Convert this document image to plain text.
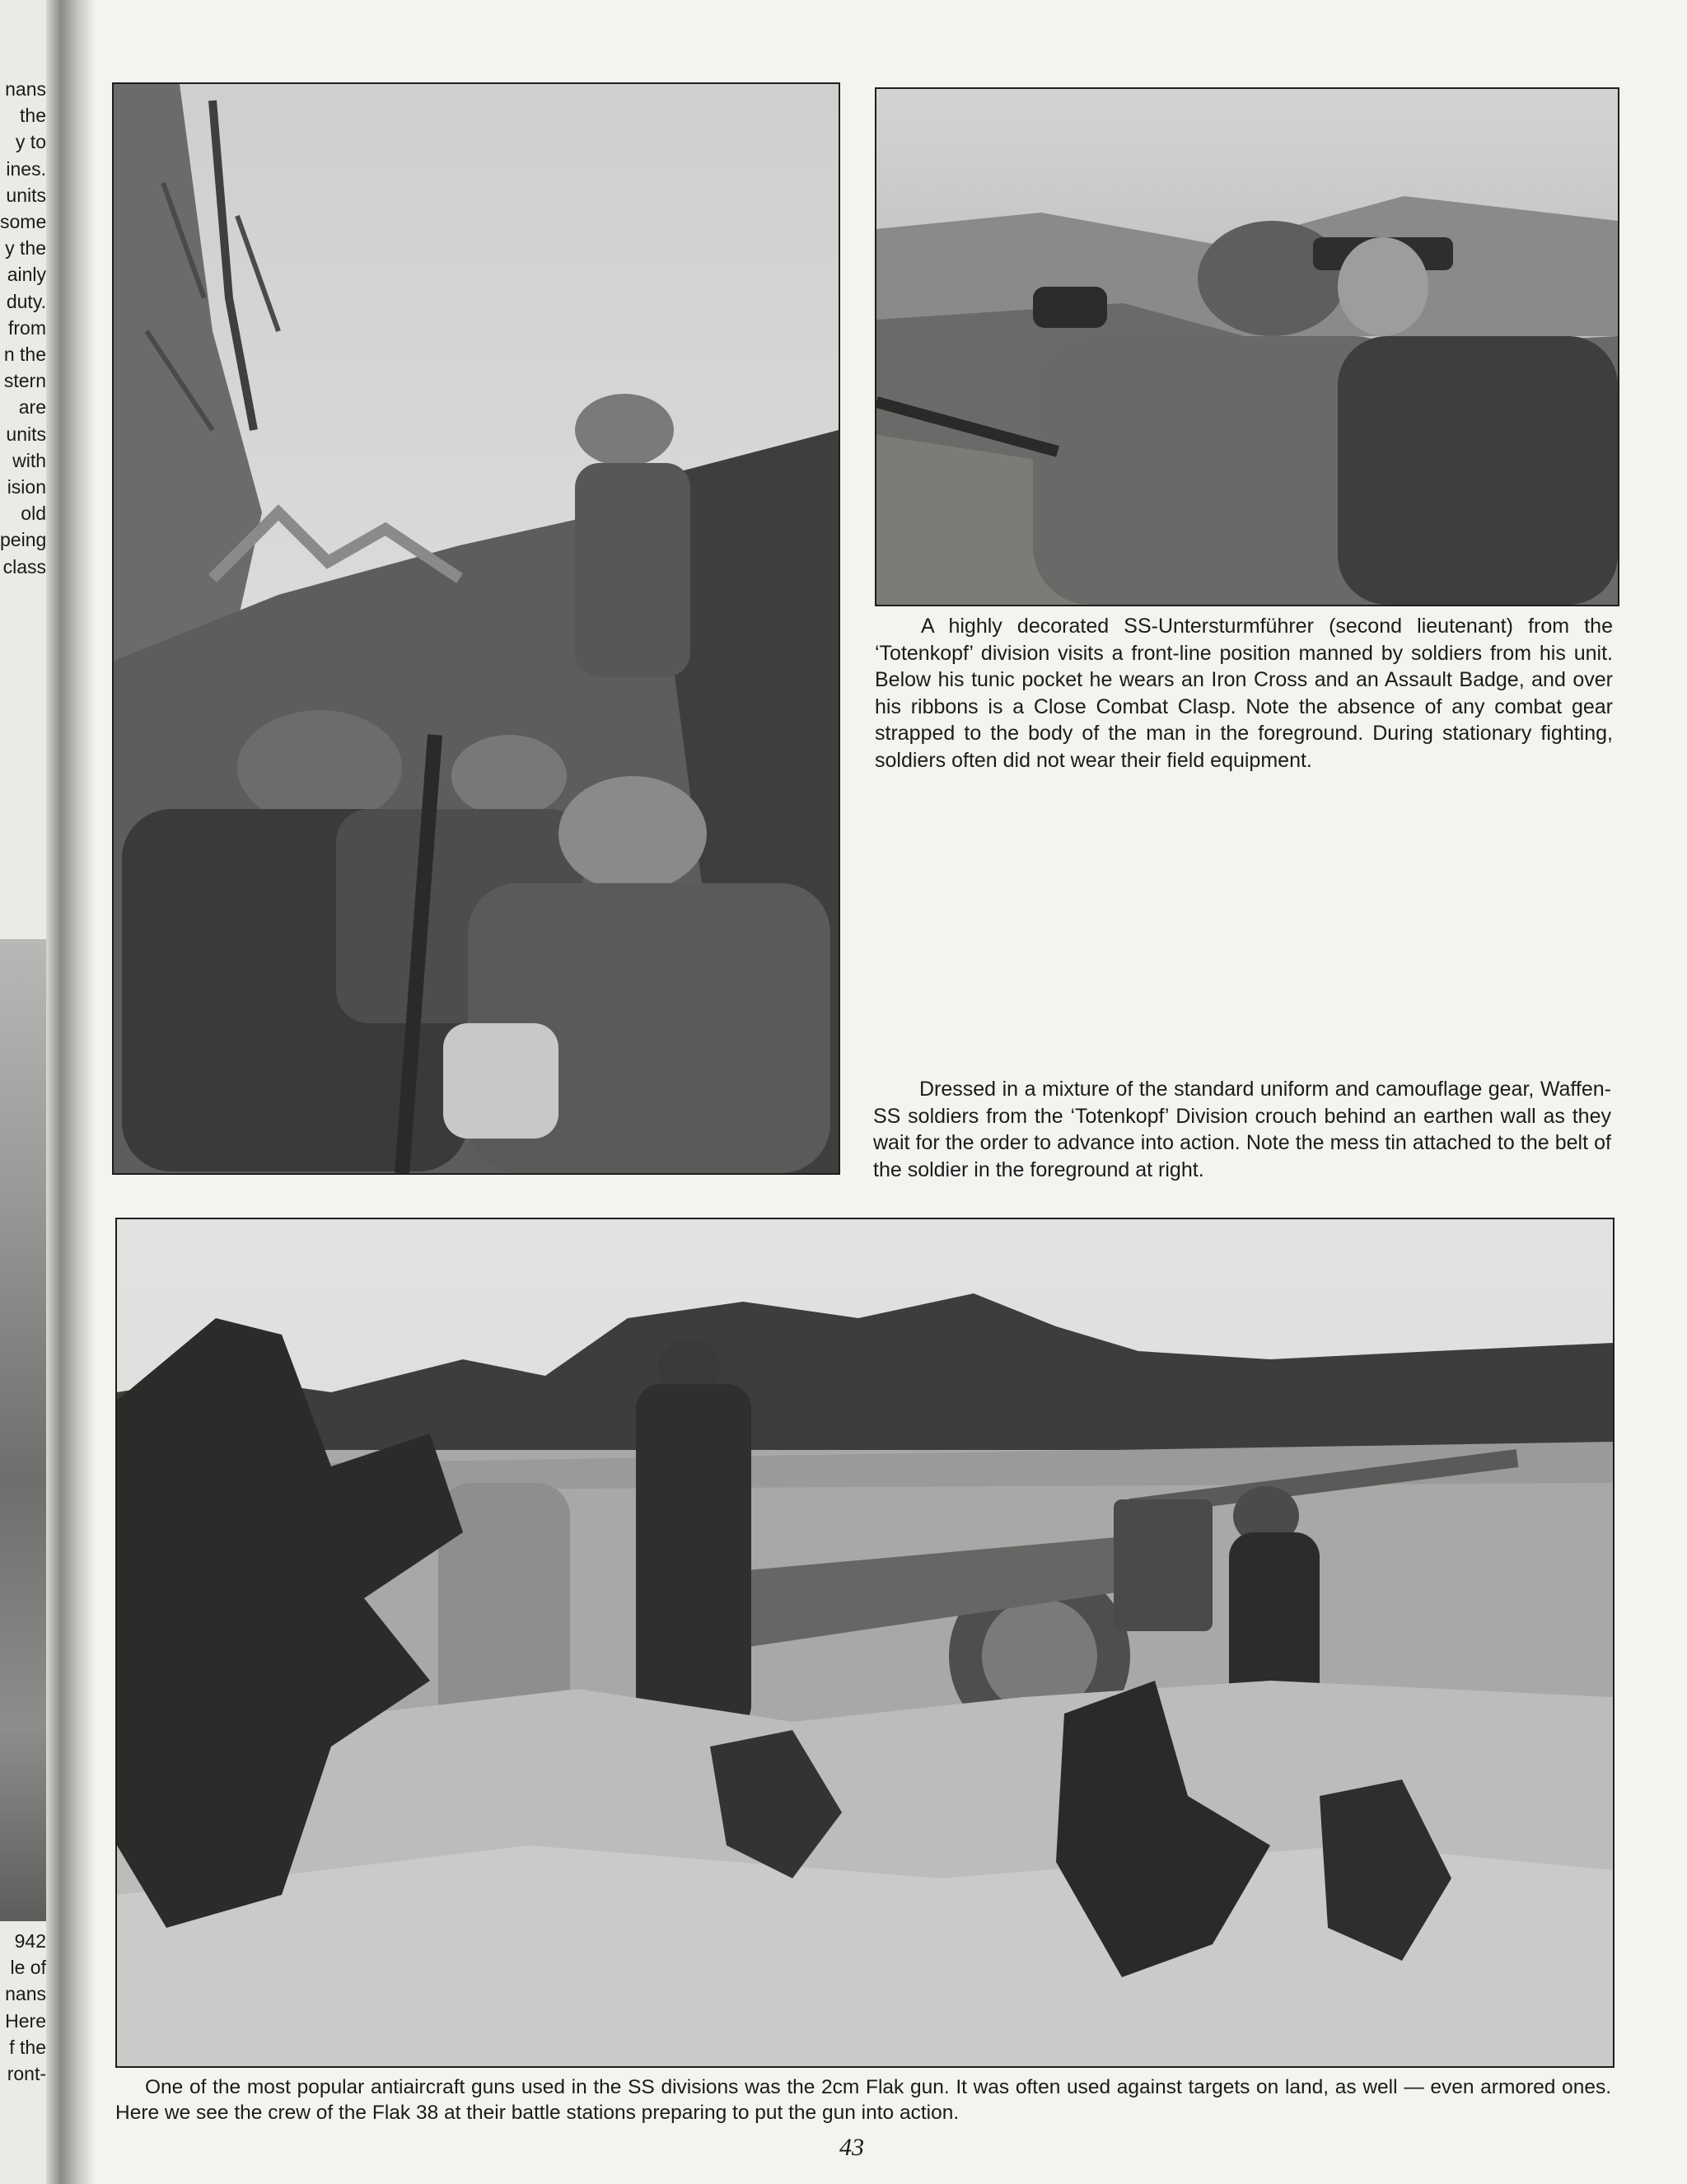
nans
the
y to
ines.
units
some
y the
ainly
duty.
from
n the
stern
are
units
with
ision
old
peing
class
942
le of
nans
Here
f the
ront-

A highly decorated SS-Untersturmführer (second lieutenant) from the ‘Totenkopf’ division visits a front-line position manned by soldiers from his unit. Below his tunic pocket he wears an Iron Cross and an Assault Badge, and over his ribbons is a Close Combat Clasp. Note the absence of any combat gear strapped to the body of the man in the foreground. During stationary fighting, soldiers often did not wear their field equipment.

Dressed in a mixture of the standard uniform and camouflage gear, Waffen-SS soldiers from the ‘Totenkopf’ Division crouch behind an earthen wall as they wait for the order to advance into action. Note the mess tin attached to the belt of the soldier in the foreground at right.

One of the most popular antiaircraft guns used in the SS divisions was the 2cm Flak gun. It was often used against targets on land, as well — even armored ones. Here we see the crew of the Flak 38 at their battle stations preparing to put the gun into action.
43
